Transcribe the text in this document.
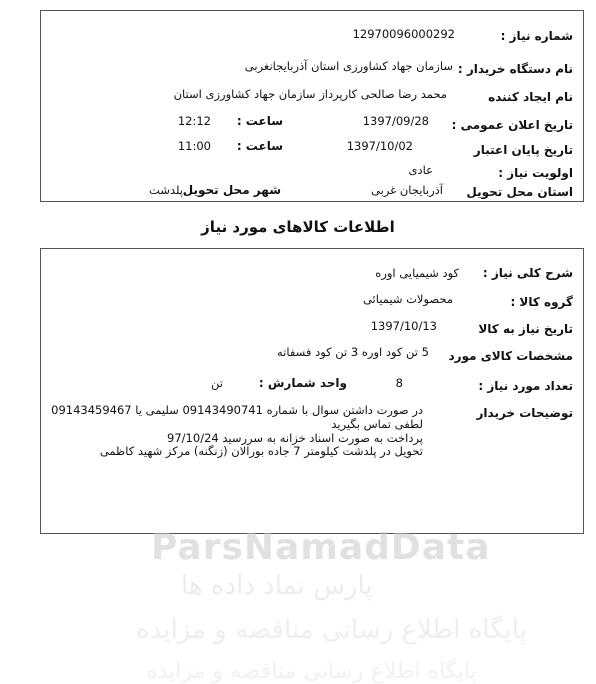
شماره نیاز :
12970096000292
نام دستگاه خریدار :
سازمان جهاد کشاورزی استان آذربایجانغربی
نام ایجاد کننده
محمد رضا صالحی کارپرداز سازمان جهاد کشاورزی استان
تاریخ اعلان عمومی :
1397/09/28
ساعت :
12:12
تاریخ پایان اعتبار
1397/10/02
ساعت :
11:00
اولویت نیاز :
عادی
استان محل تحویل
آذربایجان غربی
شهر محل تحویل
پلدشت
اطلاعات کالاهای مورد نیاز
ParsNamadData
پارس نماد داده ها
پایگاه اطلاع رسانی مناقصه و مزایده
پایگاه اطلاع رسانی مناقصه و مزایده
شرح کلی نیاز :
کود شیمیایی اوره
گروه کالا :
محصولات شیمیائی
تاریخ نیاز به کالا
1397/10/13
مشخصات کالای مورد
5 تن کود اوره 3 تن کود فسفاته
تعداد مورد نیاز :
8
واحد شمارش :
تن
توضیحات خریدار
در صورت داشتن سوال با شماره 09143490741 سلیمی یا 09143459467 لطفی تماس بگیرید
پرداخت به صورت اسناد خزانه به سررسید 97/10/24
تحویل در پلدشت کیلومتر 7 جاده بورالان (زنگنه) مرکز شهید کاظمی
